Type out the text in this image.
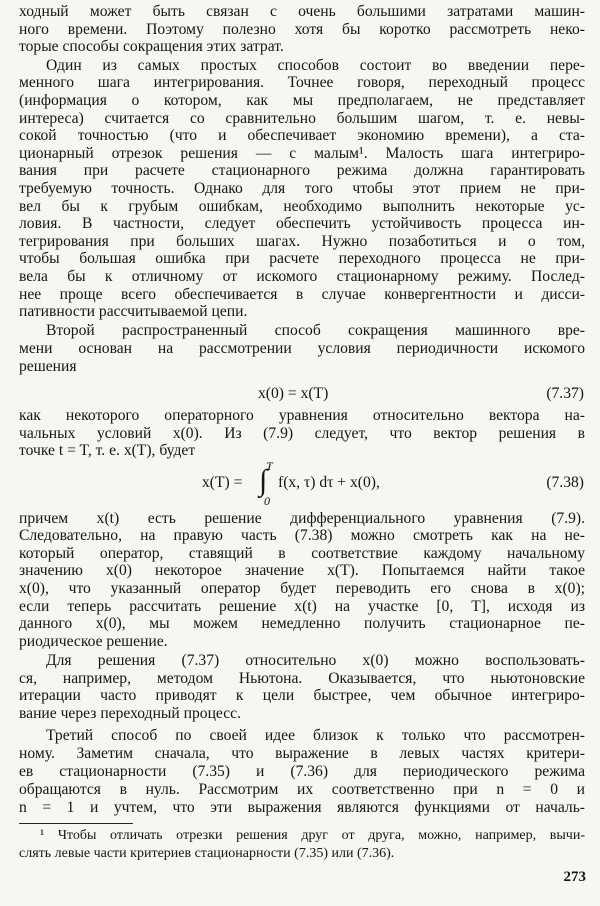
ходный может быть связан с очень большими затратами машин-
ного времени. Поэтому полезно хотя бы коротко рассмотреть неко-
торые способы сокращения этих затрат.
Один из самых простых способов состоит во введении пере-
менного шага интегрирования. Точнее говоря, переходный процесс
(информация о котором, как мы предполагаем, не представляет
интереса) считается со сравнительно большим шагом, т. е. невы-
сокой точностью (что и обеспечивает экономию времени), а ста-
ционарный отрезок решения — с малым¹. Малость шага интегриро-
вания при расчете стационарного режима должна гарантировать
требуемую точность. Однако для того чтобы этот прием не при-
вел бы к грубым ошибкам, необходимо выполнить некоторые ус-
ловия. В частности, следует обеспечить устойчивость процесса ин-
тегрирования при больших шагах. Нужно позаботиться и о том,
чтобы большая ошибка при расчете переходного процесса не при-
вела бы к отличному от искомого стационарному режиму. Послед-
нее проще всего обеспечивается в случае конвергентности и дисси-
пативности рассчитываемой цепи.
Второй распространенный способ сокращения машинного вре-
мени основан на рассмотрении условия периодичности искомого
решения
x(0) = x(T)	(7.37)
как некоторого операторного уравнения относительно вектора на-
чальных условий x(0). Из (7.9) следует, что вектор решения в
точке t = T, т. е. x(T), будет
x(T) =
T
∫
0
f(x, τ) dτ + x(0),	(7.38)
причем x(t) есть решение дифференциального уравнения (7.9).
Следовательно, на правую часть (7.38) можно смотреть как на не-
который оператор, ставящий в соответствие каждому начальному
значению x(0) некоторое значение x(T). Попытаемся найти такое
x(0), что указанный оператор будет переводить его снова в x(0);
если теперь рассчитать решение x(t) на участке [0, T], исходя из
данного x(0), мы можем немедленно получить стационарное пе-
риодическое решение.
Для решения (7.37) относительно x(0) можно воспользовать-
ся, например, методом Ньютона. Оказывается, что ньютоновские
итерации часто приводят к цели быстрее, чем обычное интегриро-
вание через переходный процесс.
Третий способ по своей идее близок к только что рассмотрен-
ному. Заметим сначала, что выражение в левых частях критери-
ев стационарности (7.35) и (7.36) для периодического режима
обращаются в нуль. Рассмотрим их соответственно при n = 0 и
n = 1 и учтем, что эти выражения являются функциями от началь-
¹ Чтобы отличать отрезки решения друг от друга, можно, например, вычи-
слять левые части критериев стационарности (7.35) или (7.36).
273
